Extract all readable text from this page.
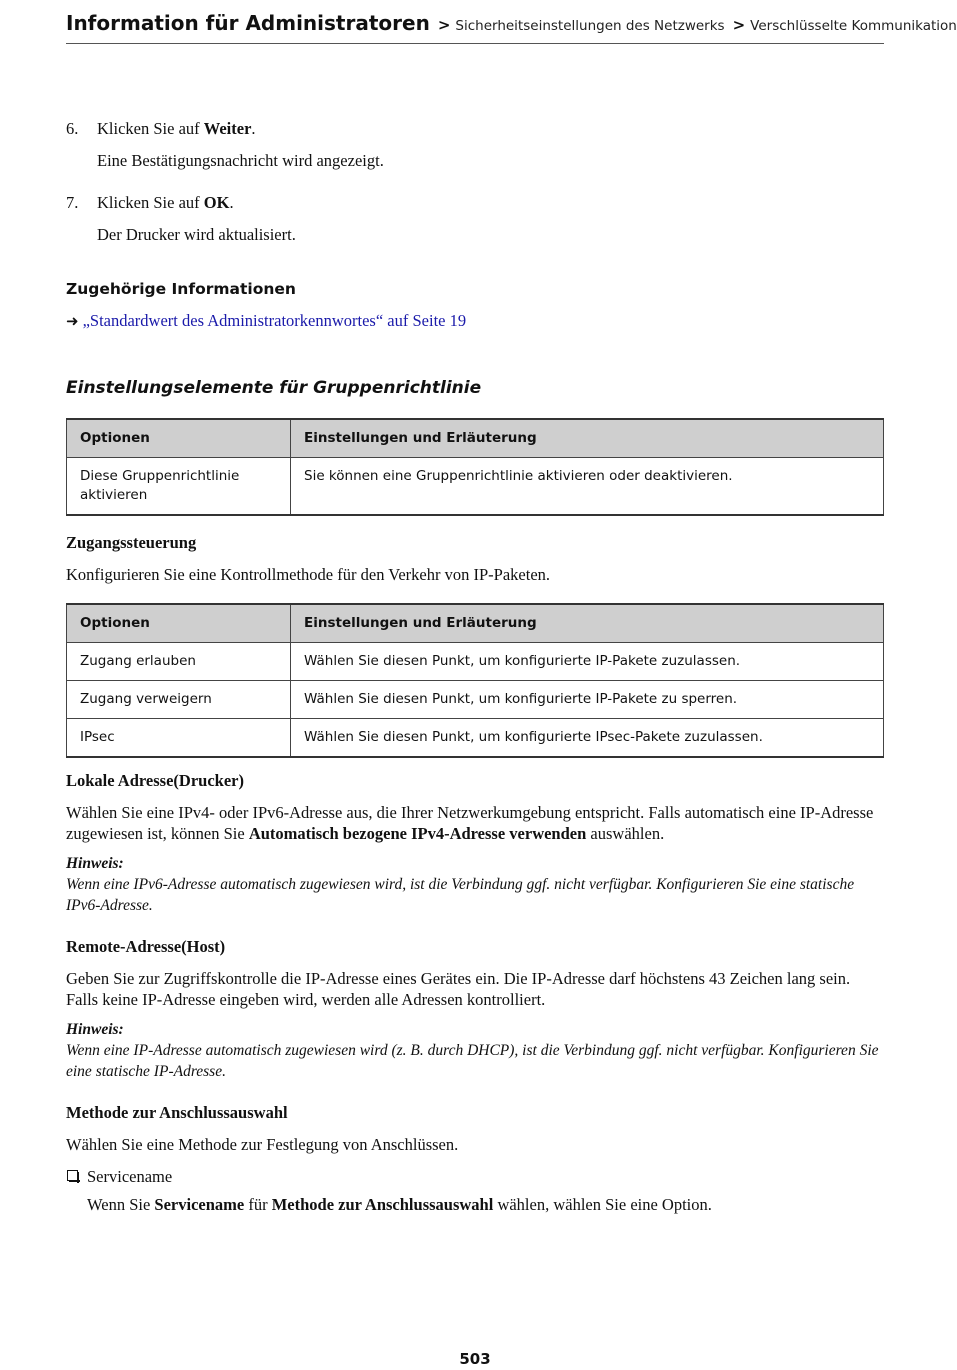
Information für Administratoren > Sicherheitseinstellungen des Netzwerks > Verschlüsselte Kommunikation
6. Klicken Sie auf Weiter.
Eine Bestätigungsnachricht wird angezeigt.
7. Klicken Sie auf OK.
Der Drucker wird aktualisiert.
Zugehörige Informationen
➜ „Standardwert des Administratorkennwortes“ auf Seite 19
Einstellungselemente für Gruppenrichtlinie
Optionen	Einstellungen und Erläuterung
Diese Gruppenrichtlinie aktivieren	Sie können eine Gruppenrichtlinie aktivieren oder deaktivieren.
Zugangssteuerung
Konfigurieren Sie eine Kontrollmethode für den Verkehr von IP-Paketen.
Optionen	Einstellungen und Erläuterung
Zugang erlauben	Wählen Sie diesen Punkt, um konfigurierte IP-Pakete zuzulassen.
Zugang verweigern	Wählen Sie diesen Punkt, um konfigurierte IP-Pakete zu sperren.
IPsec	Wählen Sie diesen Punkt, um konfigurierte IPsec-Pakete zuzulassen.
Lokale Adresse(Drucker)
Wählen Sie eine IPv4- oder IPv6-Adresse aus, die Ihrer Netzwerkumgebung entspricht. Falls automatisch eine IP-Adresse zugewiesen ist, können Sie Automatisch bezogene IPv4-Adresse verwenden auswählen.
Hinweis:
Wenn eine IPv6-Adresse automatisch zugewiesen wird, ist die Verbindung ggf. nicht verfügbar. Konfigurieren Sie eine statische IPv6-Adresse.
Remote-Adresse(Host)
Geben Sie zur Zugriffskontrolle die IP-Adresse eines Gerätes ein. Die IP-Adresse darf höchstens 43 Zeichen lang sein. Falls keine IP-Adresse eingeben wird, werden alle Adressen kontrolliert.
Hinweis:
Wenn eine IP-Adresse automatisch zugewiesen wird (z. B. durch DHCP), ist die Verbindung ggf. nicht verfügbar. Konfigurieren Sie eine statische IP-Adresse.
Methode zur Anschlussauswahl
Wählen Sie eine Methode zur Festlegung von Anschlüssen.
Servicename
Wenn Sie Servicename für Methode zur Anschlussauswahl wählen, wählen Sie eine Option.
503
